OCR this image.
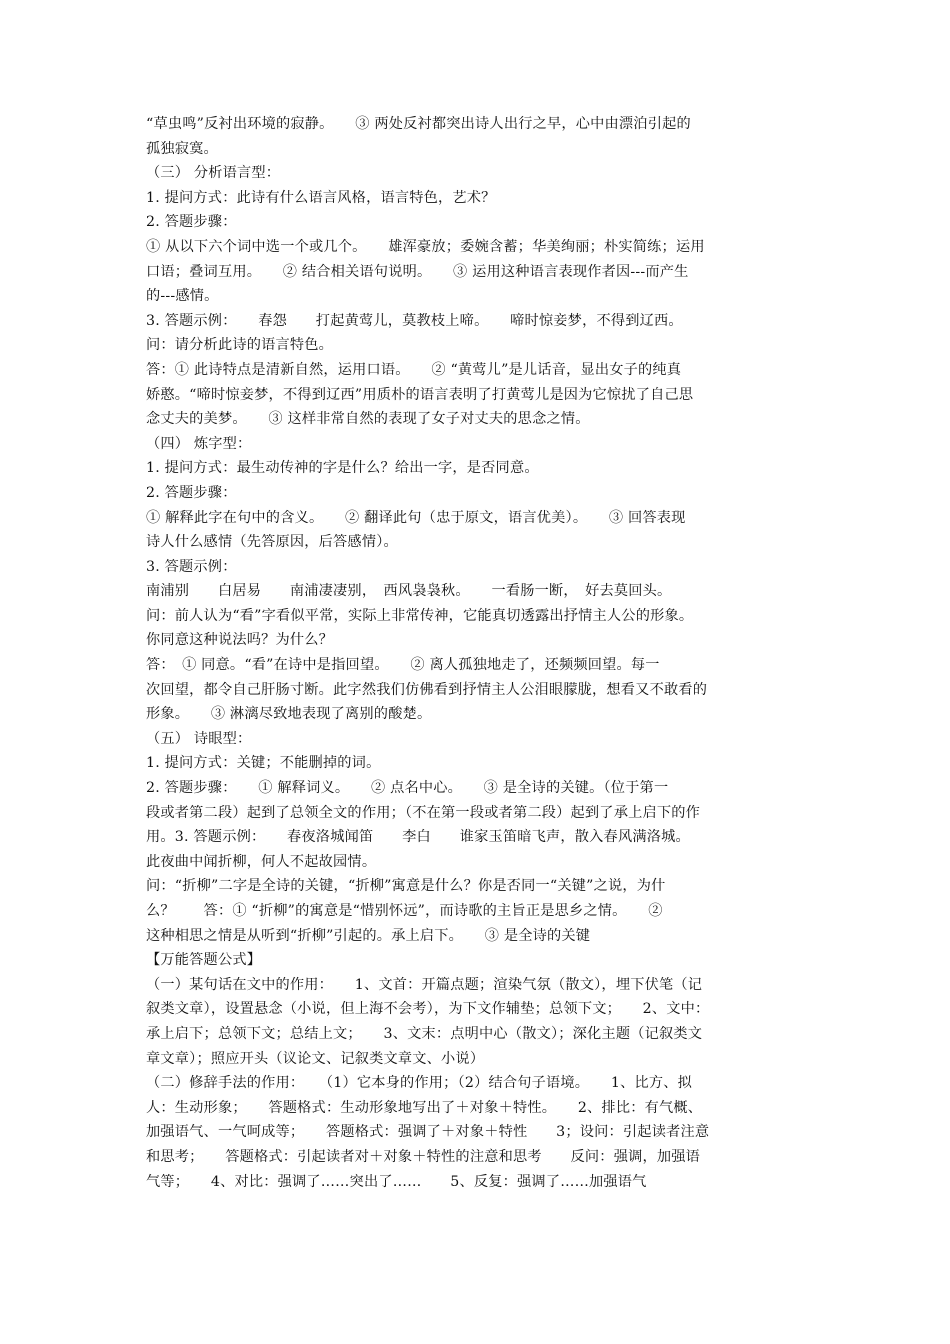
“草虫鸣”反衬出环境的寂静。　　③ 两处反衬都突出诗人出行之早，心中由漂泊引起的
孤独寂寞。
（三） 分析语言型：
1. 提问方式：此诗有什么语言风格，语言特色，艺术？
2. 答题步骤：
① 从以下六个词中选一个或几个。　　雄浑豪放；委婉含蓄；华美绚丽；朴实简练；运用
口语；叠词互用。　　② 结合相关语句说明。　　③ 运用这种语言表现作者因---而产生
的---感情。
3. 答题示例：　　春怨　　打起黄莺儿，莫教枝上啼。　　啼时惊妾梦，不得到辽西。
问：请分析此诗的语言特色。
答：① 此诗特点是清新自然，运用口语。　　② “黄莺儿”是儿话音，显出女子的纯真
娇憨。“啼时惊妾梦，不得到辽西”用质朴的语言表明了打黄莺儿是因为它惊扰了自己思
念丈夫的美梦。　　③ 这样非常自然的表现了女子对丈夫的思念之情。
（四） 炼字型：
1. 提问方式：最生动传神的字是什么？给出一字，是否同意。
2. 答题步骤：
① 解释此字在句中的含义。　　② 翻译此句（忠于原文，语言优美）。　　③ 回答表现
诗人什么感情（先答原因，后答感情）。
3. 答题示例：
南浦别　　白居易　　南浦凄凄别，　西风袅袅秋。　　一看肠一断，　好去莫回头。
问：前人认为“看”字看似平常，实际上非常传神，它能真切透露出抒情主人公的形象。
你同意这种说法吗？为什么？
答：　① 同意。“看”在诗中是指回望。　　② 离人孤独地走了，还频频回望。每一
次回望，都令自己肝肠寸断。此字然我们仿佛看到抒情主人公泪眼朦胧，想看又不敢看的
形象。　　③ 淋漓尽致地表现了离别的酸楚。
（五） 诗眼型：
1. 提问方式：关键；不能删掉的词。
2. 答题步骤：　　① 解释词义。　　② 点名中心。　　③ 是全诗的关键。（位于第一
段或者第二段）起到了总领全文的作用；（不在第一段或者第二段）起到了承上启下的作
用。3. 答题示例：　　春夜洛城闻笛　　李白　　谁家玉笛暗飞声，散入春风满洛城。
此夜曲中闻折柳，何人不起故园情。
问：“折柳”二字是全诗的关键，“折柳”寓意是什么？你是否同一“关键”之说，为什
么？　　答：① “折柳”的寓意是“惜别怀远”，而诗歌的主旨正是思乡之情。　　②
这种相思之情是从听到“折柳”引起的。承上启下。　　③ 是全诗的关键
【万能答题公式】
（一）某句话在文中的作用：　　1、文首：开篇点题；渲染气氛（散文），埋下伏笔（记
叙类文章），设置悬念（小说，但上海不会考），为下文作辅垫；总领下文；　　2、文中：
承上启下；总领下文；总结上文；　　3、文末：点明中心（散文）；深化主题（记叙类文
章文章）；照应开头（议论文、记叙类文章文、小说）
（二）修辞手法的作用：　　（1）它本身的作用；（2）结合句子语境。　　1、比方、拟
人：生动形象；　　答题格式：生动形象地写出了＋对象＋特性。　　2、排比：有气概、
加强语气、一气呵成等；　　答题格式：强调了＋对象＋特性　　3；设问：引起读者注意
和思考；　　答题格式：引起读者对＋对象＋特性的注意和思考　　反问：强调，加强语
气等；　　4、对比：强调了……突出了……　　5、反复：强调了……加强语气
